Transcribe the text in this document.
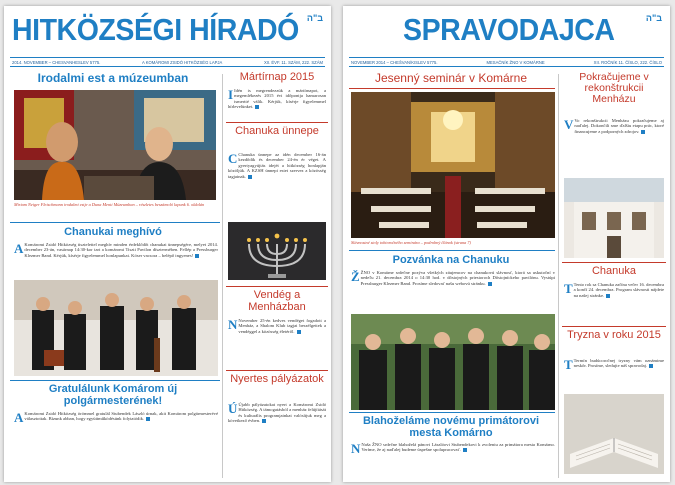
HITKÖZSÉGI HÍRADÓ ב"ה
2014. NOVEMBER – CHESVANHESLEV 5775.	A KOMÁROMI ZSIDÓ HITKÖZSÉG LAPJA	XII. ÉVF. 11. SZÁM, 222. SZÁM
Irodalmi est a múzeumban
Miriam Neiger Fleischmann irodalmi estje a Duna Menti Múzeumban – részletes beszámoló lapunk 6. oldalán
Chanukai meghívó
A Komáromi Zsidó Hitközség tisztelettel meghív minden érdeklődőt chanukai ünnepségére, melyet 2014. december 23-án, vasárnap 14:30-kor tart a komáromi Tiszti Pavilon dísztermében. Fellép a Pressburger Klezmer Band. Kérjük, kísérje figyelemmel honlapunkat. Kóser vacsora – belépő ingyenes!
Gratulálunk Komárom új polgármesterének!
A Komáromi Zsidó Hitközség örömmel gratulál Stubendek László úrnak, akit Komárom polgármesterévé választottak. Bízunk abban, hogy együttműködésünk folytatódik.
Mártírnap 2015
I Idén is megrendezzük a mártírnapot, a megemlékezés 2015 évi időpontja hamarosan ismertté válik. Kérjük, kísérje figyelemmel hírlevelünket.
Chanuka ünnepe
C Chanuka ünnepe az idén december 16-án kezdődik és december 24-én ér véget. A gyertyagyújtás idejét a hitközség honlapján közöljük. A KZSH ünnepi estet szervez a közösség tagjainak.
Vendég a Menházban
N November 25-én kedves vendéget fogadott a Menház, a Shalom Klub tagjai beszélgettek a vendéggel a közösség életéről.
Nyertes pályázatok
Ú Újabb pályázatokat nyert a Komáromi Zsidó Hitközség. A támogatásból a menház felújítását és kulturális programjainkat valósítjuk meg a következő évben.
SPRAVODAJCA	ב"ה
NOVEMBER 2014 – CHEŠVAN/KISLEV 5775.	MESAČNÍK ŽNO V KOMÁRNE	XII. ROČNÍK 11. ČÍSLO, 222. ČÍSLO
Jesenný seminár v Komárne
Slávnostné stoly tohtoročného seminára – podrobný článok (strana 7)
Pozvánka na Chanuku
ŽŽNO v Komárne srdečne pozýva všetkých záujemcov na chanukovú slávnosť, ktorá sa uskutoční v nedeľu 21. decembra 2014 o 14:30 hod. v dôstojných priestoroch Dôstojníckeho pavilónu. Vystúpi Pressburger Klezmer Band. Prosíme sledovať našu webovú stránku.
Blahoželáme novému primátorovi mesta Komárno
N Naša ŽNO srdečne blahoželá pánovi Lászlóovi Stubendekovi k zvoleniu za primátora mesta Komárno. Veríme, že aj naďalej budeme úspešne spolupracovať.
Pokračujeme v rekonštrukcii Menházu
V Vo rekonštrukcii Menházu pokračujeme aj naďalej. Dokončili sme ďalšiu etapu prác, ktoré financujeme z podporných zdrojov.
Chanuka
T Tento rok sa Chanuka začína večer 16. decembra a končí 24. decembra. Program slávnosti nájdete na našej stránke.
Tryzna v roku 2015
T Termín budúcoročnej tryzny vám oznámime neskôr. Prosíme, sledujte náš spravodaj.
